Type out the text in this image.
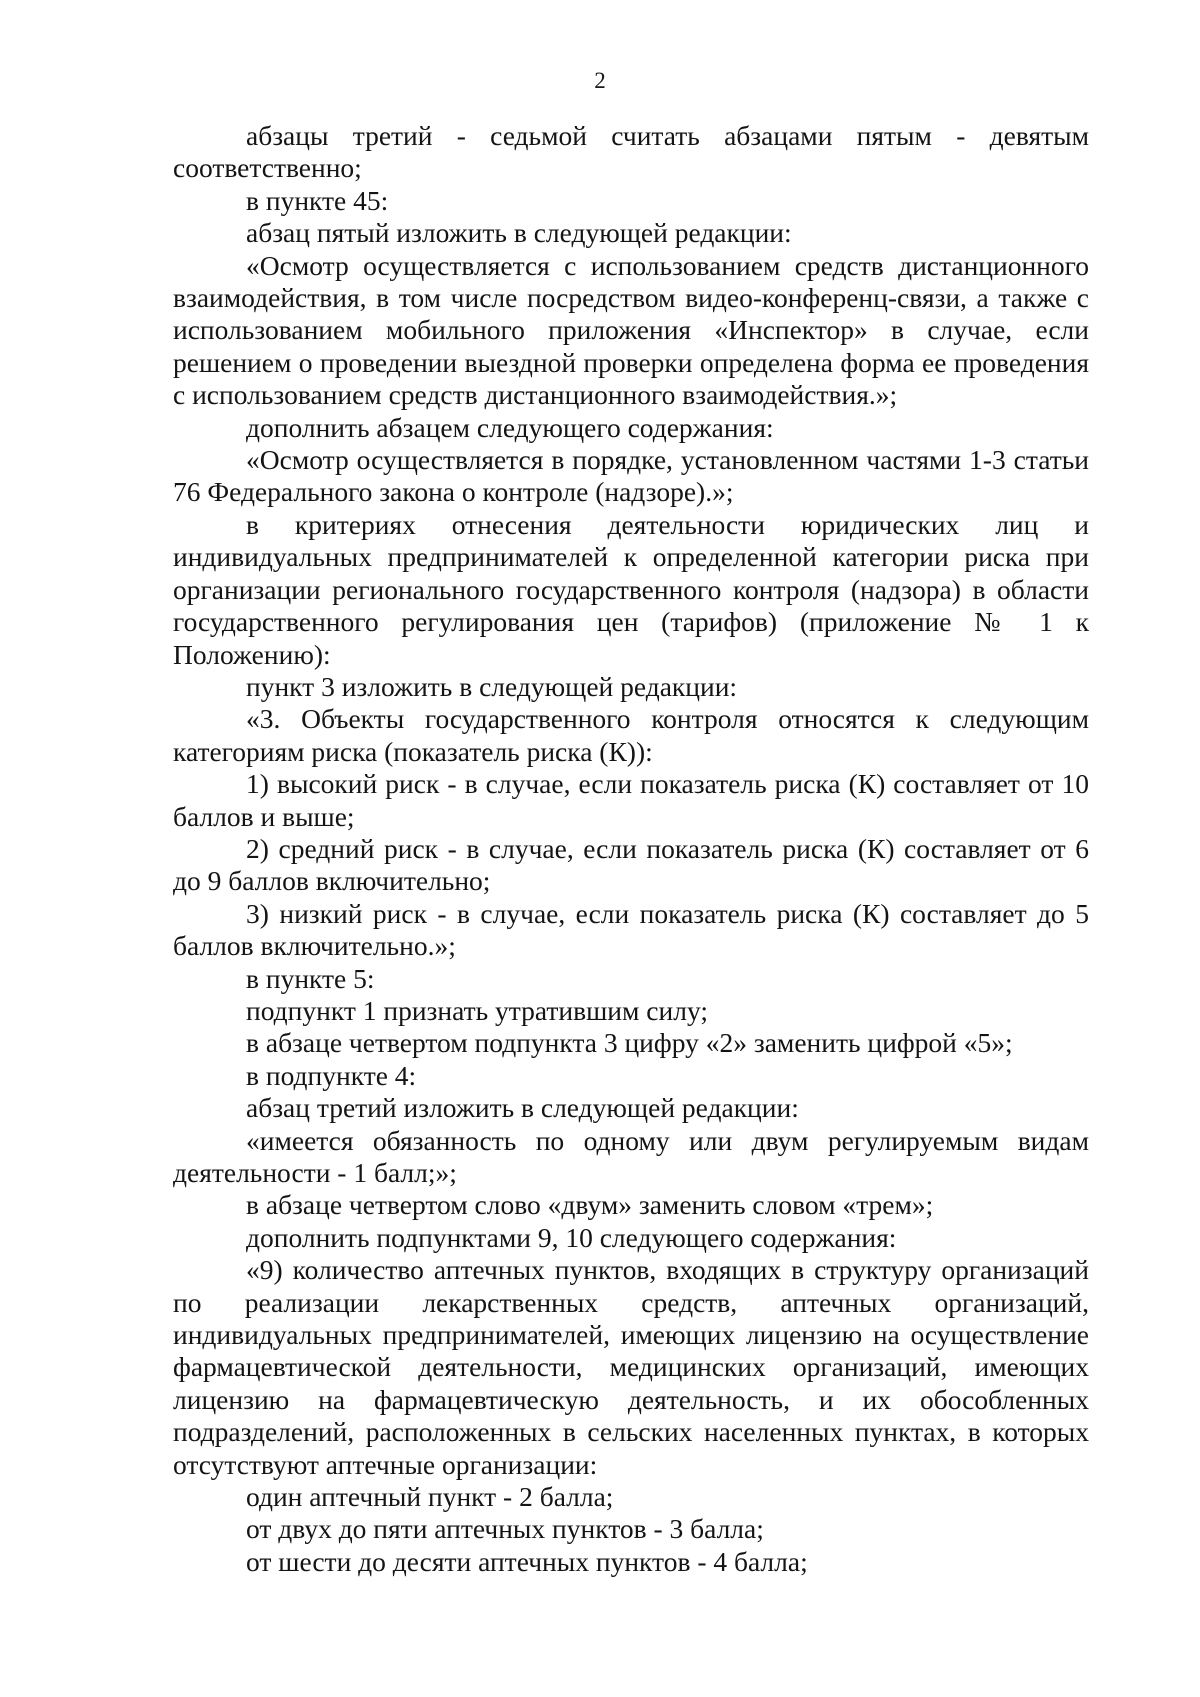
2

абзацы третий - седьмой считать абзацами пятым - девятым соответственно;

в пункте 45:

абзац пятый изложить в следующей редакции:

«Осмотр осуществляется с использованием средств дистанционного взаимодействия, в том числе посредством видео-конференц-связи, а также с использованием мобильного приложения «Инспектор» в случае, если решением о проведении выездной проверки определена форма ее проведения с использованием средств дистанционного взаимодействия.»;

дополнить абзацем следующего содержания:

«Осмотр осуществляется в порядке, установленном частями 1-3 статьи 76 Федерального закона о контроле (надзоре).»;

в критериях отнесения деятельности юридических лиц и индивидуальных предпринимателей к определенной категории риска при организации регионального государственного контроля (надзора) в области государственного регулирования цен (тарифов) (приложение № 1 к Положению):

пункт 3 изложить в следующей редакции:

«3. Объекты государственного контроля относятся к следующим категориям риска (показатель риска (К)):

1) высокий риск - в случае, если показатель риска (К) составляет от 10 баллов и выше;

2) средний риск - в случае, если показатель риска (К) составляет от 6 до 9 баллов включительно;

3) низкий риск - в случае, если показатель риска (К) составляет до 5 баллов включительно.»;

в пункте 5:

подпункт 1 признать утратившим силу;

в абзаце четвертом подпункта 3 цифру «2» заменить цифрой «5»;

в подпункте 4:

абзац третий изложить в следующей редакции:

«имеется обязанность по одному или двум регулируемым видам деятельности - 1 балл;»;

в абзаце четвертом слово «двум» заменить словом «трем»;

дополнить подпунктами 9, 10 следующего содержания:

«9) количество аптечных пунктов, входящих в структуру организаций по реализации лекарственных средств, аптечных организаций, индивидуальных предпринимателей, имеющих лицензию на осуществление фармацевтической деятельности, медицинских организаций, имеющих лицензию на фармацевтическую деятельность, и их обособленных подразделений, расположенных в сельских населенных пунктах, в которых отсутствуют аптечные организации:

один аптечный пункт - 2 балла;

от двух до пяти аптечных пунктов - 3 балла;

от шести до десяти аптечных пунктов - 4 балла;
